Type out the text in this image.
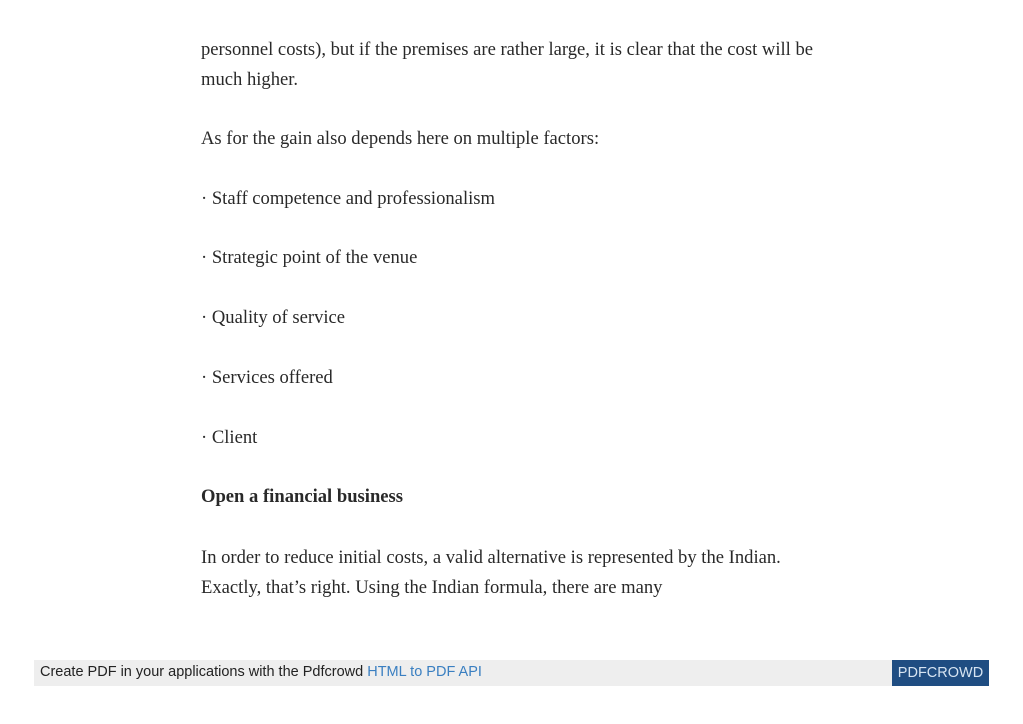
personnel costs), but if the premises are rather large, it is clear that the cost will be much higher.

As for the gain also depends here on multiple factors:

· Staff competence and professionalism

· Strategic point of the venue

· Quality of service

· Services offered

· Client

Open a financial business

In order to reduce initial costs, a valid alternative is represented by the Indian. Exactly, that’s right. Using the Indian formula, there are many

Create PDF in your applications with the Pdfcrowd HTML to PDF API	PDFCROWD
